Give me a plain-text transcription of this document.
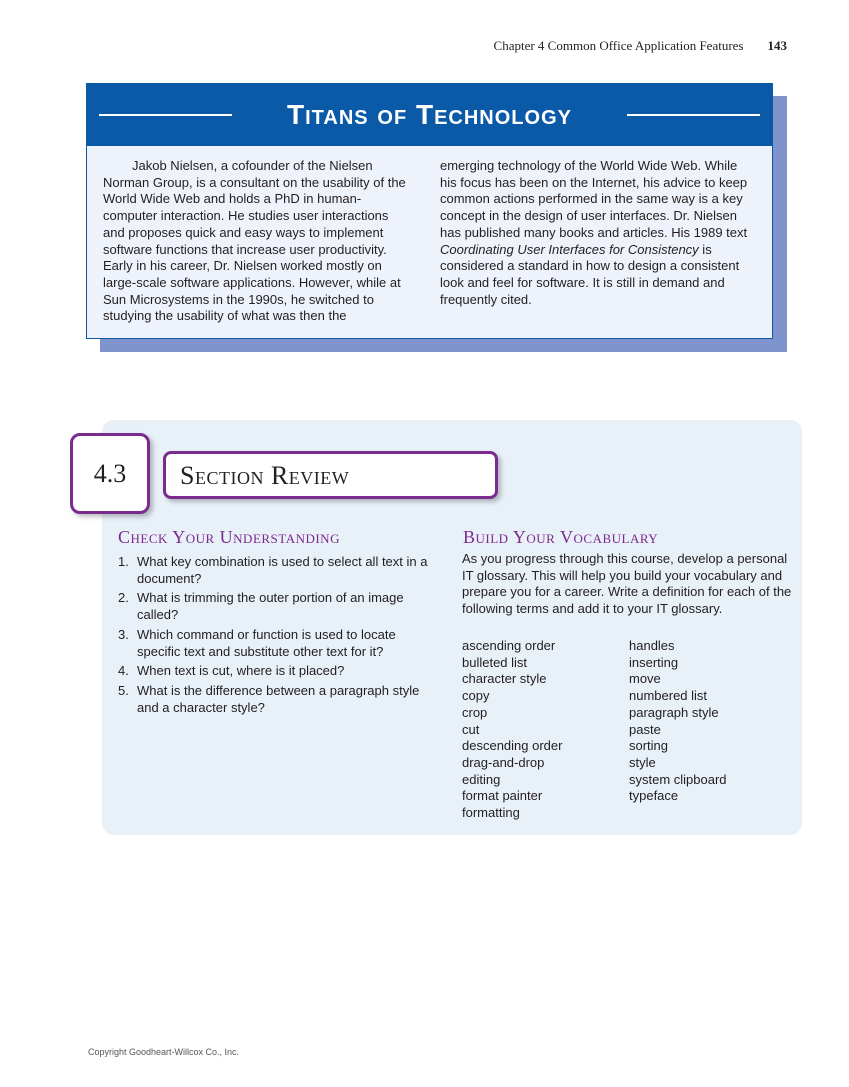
Chapter 4 Common Office Application Features 143
Titans of Technology

Jakob Nielsen, a cofounder of the Nielsen Norman Group, is a consultant on the usability of the World Wide Web and holds a PhD in human-computer interaction. He studies user interactions and proposes quick and easy ways to implement software functions that increase user productivity. Early in his career, Dr. Nielsen worked mostly on large-scale software applications. However, while at Sun Microsystems in the 1990s, he switched to studying the usability of what was then the

emerging technology of the World Wide Web. While his focus has been on the Internet, his advice to keep common actions performed in the same way is a key concept in the design of user interfaces. Dr. Nielsen has published many books and articles. His 1989 text Coordinating User Interfaces for Consistency is considered a standard in how to design a consistent look and feel for software. It is still in demand and frequently cited.

4.3	Section Review
Check Your Understanding	Build Your Vocabulary
1. What key combination is used to select all text in a document?
2. What is trimming the outer portion of an image called?
3. Which command or function is used to locate specific text and substitute other text for it?
4. When text is cut, where is it placed?
5. What is the difference between a paragraph style and a character style?

As you progress through this course, develop a personal IT glossary. This will help you build your vocabulary and prepare you for a career. Write a definition for each of the following terms and add it to your IT glossary.

ascending order
bulleted list
character style
copy
crop
cut
descending order
drag-and-drop
editing
format painter
formatting
handles
inserting
move
numbered list
paragraph style
paste
sorting
style
system clipboard
typeface
Copyright Goodheart-Willcox Co., Inc.
